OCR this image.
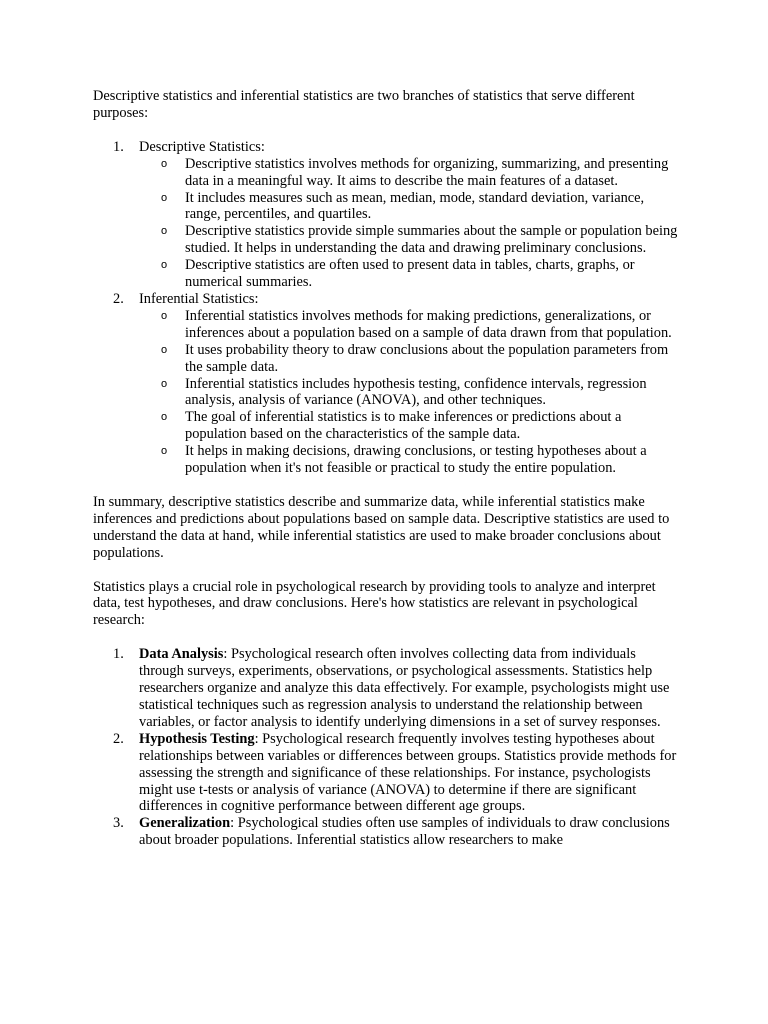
Descriptive statistics and inferential statistics are two branches of statistics that serve different purposes:

1. Descriptive Statistics:
o Descriptive statistics involves methods for organizing, summarizing, and presenting data in a meaningful way. It aims to describe the main features of a dataset.
o It includes measures such as mean, median, mode, standard deviation, variance, range, percentiles, and quartiles.
o Descriptive statistics provide simple summaries about the sample or population being studied. It helps in understanding the data and drawing preliminary conclusions.
o Descriptive statistics are often used to present data in tables, charts, graphs, or numerical summaries.
2. Inferential Statistics:
o Inferential statistics involves methods for making predictions, generalizations, or inferences about a population based on a sample of data drawn from that population.
o It uses probability theory to draw conclusions about the population parameters from the sample data.
o Inferential statistics includes hypothesis testing, confidence intervals, regression analysis, analysis of variance (ANOVA), and other techniques.
o The goal of inferential statistics is to make inferences or predictions about a population based on the characteristics of the sample data.
o It helps in making decisions, drawing conclusions, or testing hypotheses about a population when it's not feasible or practical to study the entire population.

In summary, descriptive statistics describe and summarize data, while inferential statistics make inferences and predictions about populations based on sample data. Descriptive statistics are used to understand the data at hand, while inferential statistics are used to make broader conclusions about populations.

Statistics plays a crucial role in psychological research by providing tools to analyze and interpret data, test hypotheses, and draw conclusions. Here's how statistics are relevant in psychological research:

1. Data Analysis: Psychological research often involves collecting data from individuals through surveys, experiments, observations, or psychological assessments. Statistics help researchers organize and analyze this data effectively. For example, psychologists might use statistical techniques such as regression analysis to understand the relationship between variables, or factor analysis to identify underlying dimensions in a set of survey responses.
2. Hypothesis Testing: Psychological research frequently involves testing hypotheses about relationships between variables or differences between groups. Statistics provide methods for assessing the strength and significance of these relationships. For instance, psychologists might use t-tests or analysis of variance (ANOVA) to determine if there are significant differences in cognitive performance between different age groups.
3. Generalization: Psychological studies often use samples of individuals to draw conclusions about broader populations. Inferential statistics allow researchers to make
